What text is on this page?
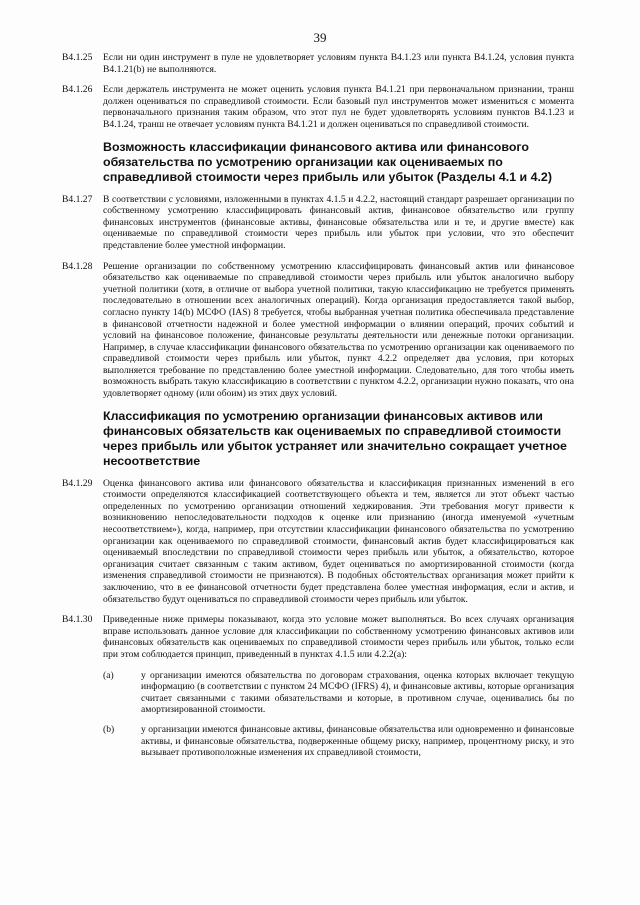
39
B4.1.25	Если ни один инструмент в пуле не удовлетворяет условиям пункта B4.1.23 или пункта B4.1.24, условия пункта B4.1.21(b) не выполняются.
B4.1.26	Если держатель инструмента не может оценить условия пункта B4.1.21 при первоначальном признании, транш должен оцениваться по справедливой стоимости. Если базовый пул инструментов может измениться с момента первоначального признания таким образом, что этот пул не будет удовлетворять условиям пунктов B4.1.23 и B4.1.24, транш не отвечает условиям пункта B4.1.21 и должен оцениваться по справедливой стоимости.
Возможность классификации финансового актива или финансового обязательства по усмотрению организации как оцениваемых по справедливой стоимости через прибыль или убыток (Разделы 4.1 и 4.2)
B4.1.27	В соответствии с условиями, изложенными в пунктах 4.1.5 и 4.2.2, настоящий стандарт разрешает организации по собственному усмотрению классифицировать финансовый актив, финансовое обязательство или группу финансовых инструментов (финансовые активы, финансовые обязательства или и те, и другие вместе) как оцениваемые по справедливой стоимости через прибыль или убыток при условии, что это обеспечит представление более уместной информации.
B4.1.28	Решение организации по собственному усмотрению классифицировать финансовый актив или финансовое обязательство как оцениваемые по справедливой стоимости через прибыль или убыток аналогично выбору учетной политики (хотя, в отличие от выбора учетной политики, такую классификацию не требуется применять последовательно в отношении всех аналогичных операций). Когда организация предоставляется такой выбор, согласно пункту 14(b) МСФО (IAS) 8 требуется, чтобы выбранная учетная политика обеспечивала представление в финансовой отчетности надежной и более уместной информации о влиянии операций, прочих событий и условий на финансовое положение, финансовые результаты деятельности или денежные потоки организации. Например, в случае классификации финансового обязательства по усмотрению организации как оцениваемого по справедливой стоимости через прибыль или убыток, пункт 4.2.2 определяет два условия, при которых выполняется требование по представлению более уместной информации. Следовательно, для того чтобы иметь возможность выбрать такую классификацию в соответствии с пунктом 4.2.2, организации нужно показать, что она удовлетворяет одному (или обоим) из этих двух условий.
Классификация по усмотрению организации финансовых активов или финансовых обязательств как оцениваемых по справедливой стоимости через прибыль или убыток устраняет или значительно сокращает учетное несоответствие
B4.1.29	Оценка финансового актива или финансового обязательства и классификация признанных изменений в его стоимости определяются классификацией соответствующего объекта и тем, является ли этот объект частью определенных по усмотрению организации отношений хеджирования. Эти требования могут привести к возникновению непоследовательности подходов к оценке или признанию (иногда именуемой «учетным несоответствием»), когда, например, при отсутствии классификации финансового обязательства по усмотрению организации как оцениваемого по справедливой стоимости, финансовый актив будет классифицироваться как оцениваемый впоследствии по справедливой стоимости через прибыль или убыток, а обязательство, которое организация считает связанным с таким активом, будет оцениваться по амортизированной стоимости (когда изменения справедливой стоимости не признаются). В подобных обстоятельствах организация может прийти к заключению, что в ее финансовой отчетности будет представлена более уместная информация, если и актив, и обязательство будут оцениваться по справедливой стоимости через прибыль или убыток.
B4.1.30	Приведенные ниже примеры показывают, когда это условие может выполняться. Во всех случаях организация вправе использовать данное условие для классификации по собственному усмотрению финансовых активов или финансовых обязательств как оцениваемых по справедливой стоимости через прибыль или убыток, только если при этом соблюдается принцип, приведенный в пунктах 4.1.5 или 4.2.2(a):
(a)	у организации имеются обязательства по договорам страхования, оценка которых включает текущую информацию (в соответствии с пунктом 24 МСФО (IFRS) 4), и финансовые активы, которые организация считает связанными с такими обязательствами и которые, в противном случае, оценивались бы по амортизированной стоимости.
(b)	у организации имеются финансовые активы, финансовые обязательства или одновременно и финансовые активы, и финансовые обязательства, подверженные общему риску, например, процентному риску, и это вызывает противоположные изменения их справедливой стоимости,
